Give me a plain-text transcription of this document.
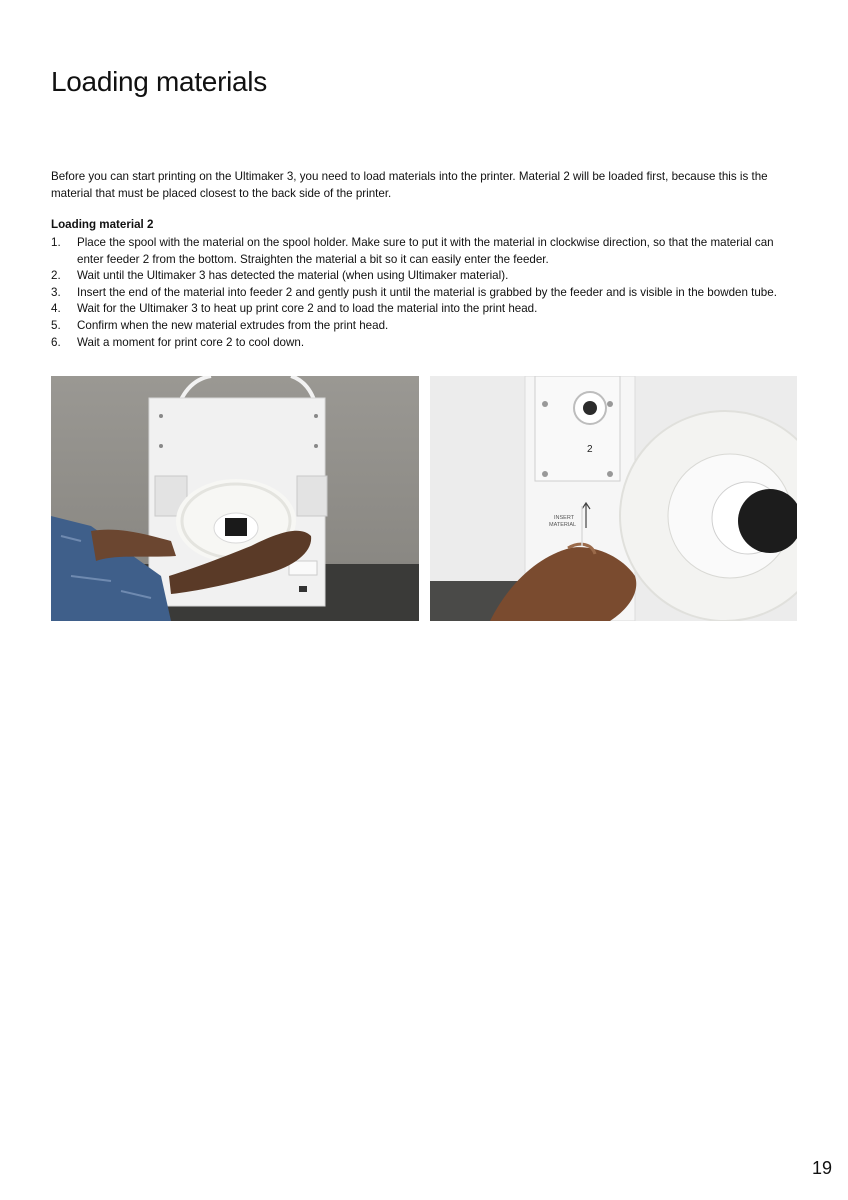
Loading materials

Before you can start printing on the Ultimaker 3, you need to load materials into the printer. Material 2 will be loaded first, because this is the material that must be placed closest to the back side of the printer.

Loading material 2
1.	Place the spool with the material on the spool holder. Make sure to put it with the material in clockwise direction, so that the material can enter feeder 2 from the bottom. Straighten the material a bit so it can easily enter the feeder.
2.	Wait until the Ultimaker 3 has detected the material (when using Ultimaker material).
3.	Insert the end of the material into feeder 2 and gently push it until the material is grabbed by the feeder and is visible in the bowden tube.
4.	Wait for the Ultimaker 3 to heat up print core 2 and to load the material into the print head.
5.	Confirm when the new material extrudes from the print head.
6.	Wait a moment for print core 2 to cool down.
2
INSERT
MATERIAL
19
